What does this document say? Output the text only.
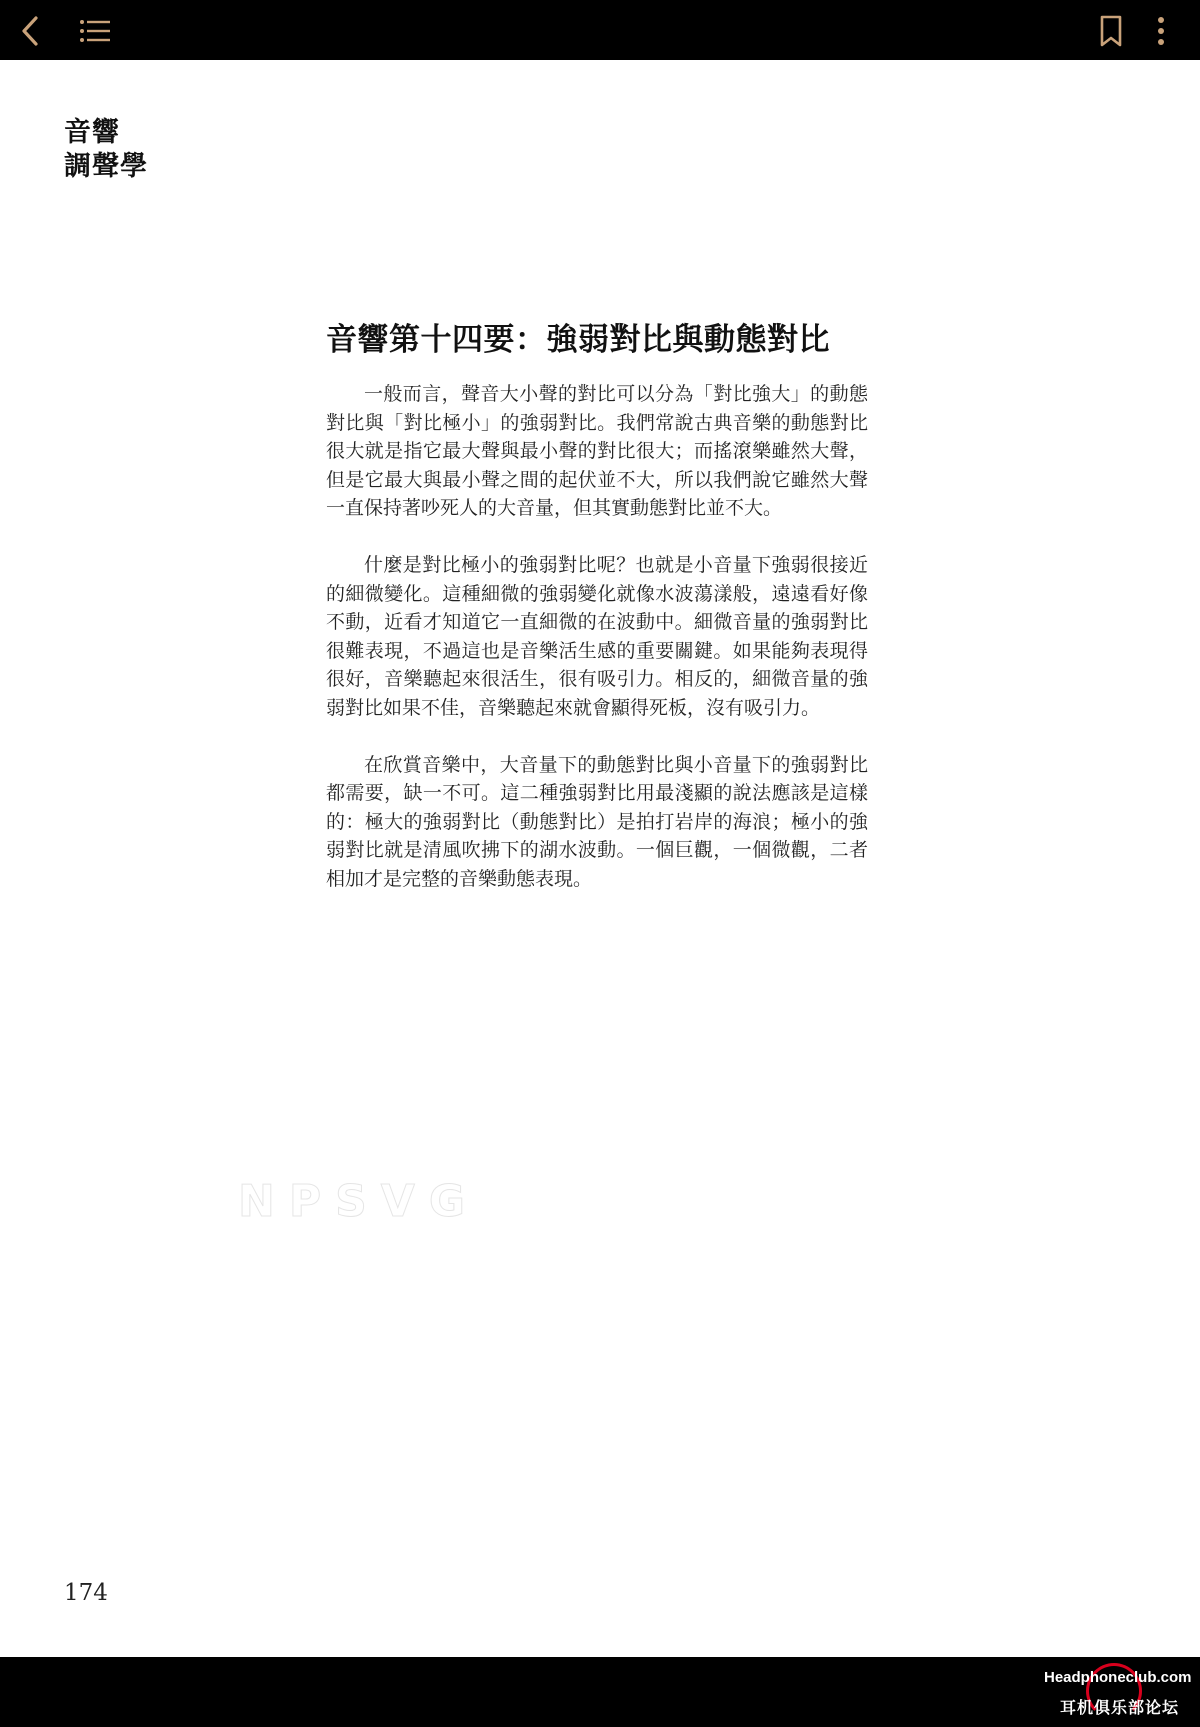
音響
調聲學
音響第十四要：強弱對比與動態對比

一般而言，聲音大小聲的對比可以分為「對比強大」的動態對比與「對比極小」的強弱對比。我們常說古典音樂的動態對比很大就是指它最大聲與最小聲的對比很大；而搖滾樂雖然大聲，但是它最大與最小聲之間的起伏並不大，所以我們說它雖然大聲一直保持著吵死人的大音量，但其實動態對比並不大。

什麼是對比極小的強弱對比呢？也就是小音量下強弱很接近的細微變化。這種細微的強弱變化就像水波蕩漾般，遠遠看好像不動，近看才知道它一直細微的在波動中。細微音量的強弱對比很難表現，不過這也是音樂活生感的重要關鍵。如果能夠表現得很好，音樂聽起來很活生，很有吸引力。相反的，細微音量的強弱對比如果不佳，音樂聽起來就會顯得死板，沒有吸引力。

在欣賞音樂中，大音量下的動態對比與小音量下的強弱對比都需要，缺一不可。這二種強弱對比用最淺顯的說法應該是這樣的：極大的強弱對比（動態對比）是拍打岩岸的海浪；極小的強弱對比就是清風吹拂下的湖水波動。一個巨觀，一個微觀，二者相加才是完整的音樂動態表現。

NPSVG
174
Headphoneclub.com
耳机俱乐部论坛
